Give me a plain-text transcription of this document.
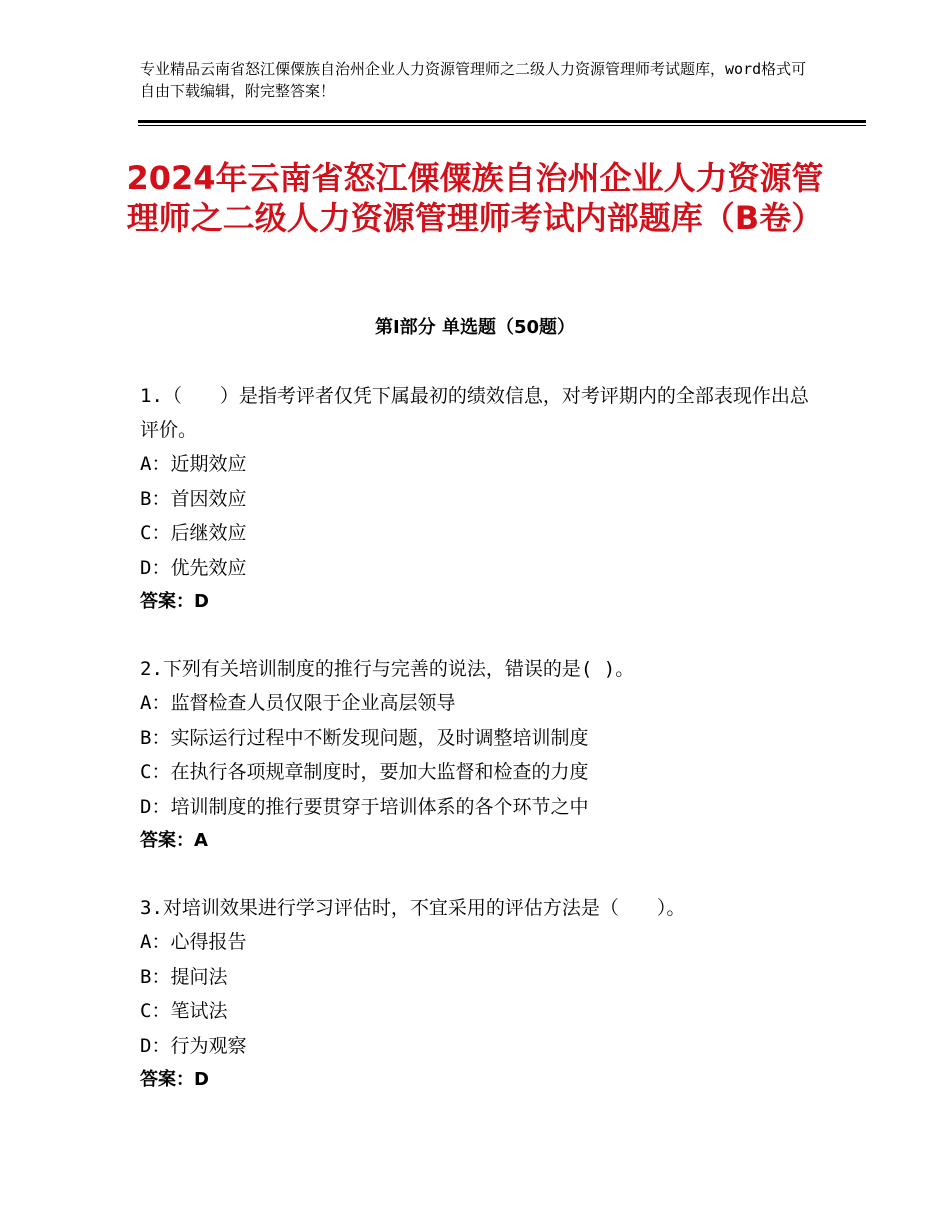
专业精品云南省怒江傈僳族自治州企业人力资源管理师之二级人力资源管理师考试题库，word格式可自由下载编辑，附完整答案！
2024年云南省怒江傈僳族自治州企业人力资源管理师之二级人力资源管理师考试内部题库（B卷）
第Ⅰ部分 单选题（50题）
1.（　　）是指考评者仅凭下属最初的绩效信息，对考评期内的全部表现作出总评价。
A：近期效应
B：首因效应
C：后继效应
D：优先效应
答案：D
2.下列有关培训制度的推行与完善的说法，错误的是( )。
A：监督检查人员仅限于企业高层领导
B：实际运行过程中不断发现问题，及时调整培训制度
C：在执行各项规章制度时，要加大监督和检查的力度
D：培训制度的推行要贯穿于培训体系的各个环节之中
答案：A
3.对培训效果进行学习评估时，不宜采用的评估方法是（　　）。
A：心得报告
B：提问法
C：笔试法
D：行为观察
答案：D
